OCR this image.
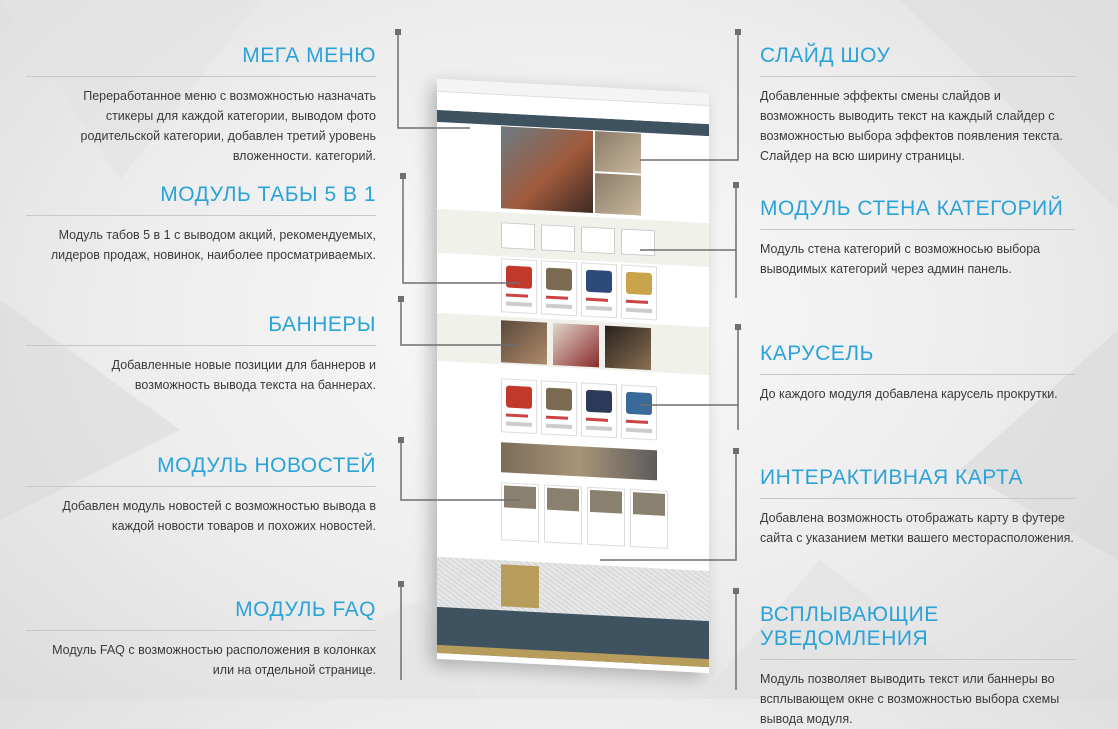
МЕГА МЕНЮ

Переработанное меню с возможностью назначать стикеры для каждой категории, выводом фото родительской категории, добавлен третий уровень вложенности. категорий.

МОДУЛЬ ТАБЫ 5 В 1

Модуль табов 5 в 1 с выводом акций, рекомендуемых, лидеров продаж, новинок, наиболее просматриваемых.

БАННЕРЫ

Добавленные новые позиции для баннеров и возможность вывода текста на баннерах.

МОДУЛЬ НОВОСТЕЙ

Добавлен модуль новостей с возможностью вывода в каждой новости товаров и похожих новостей.

МОДУЛЬ FAQ

Модуль FAQ с возможностью расположения в колонках или на отдельной странице.

СЛАЙД ШОУ

Добавленные эффекты смены слайдов и возможность выводить текст на каждый слайдер с возможностью выбора эффектов появления текста. Слайдер на всю ширину страницы.

МОДУЛЬ СТЕНА КАТЕГОРИЙ

Модуль стена категорий с возможносью выбора выводимых категорий через админ панель.

КАРУСЕЛЬ

До каждого модуля добавлена карусель прокрутки.

ИНТЕРАКТИВНАЯ КАРТА

Добавлена возможность отображать карту в футере сайта с указанием метки вашего месторасположения.

ВСПЛЫВАЮЩИЕ УВЕДОМЛЕНИЯ

Модуль позволяет выводить текст или баннеры во всплывающем окне с возможностью выбора схемы вывода модуля.
